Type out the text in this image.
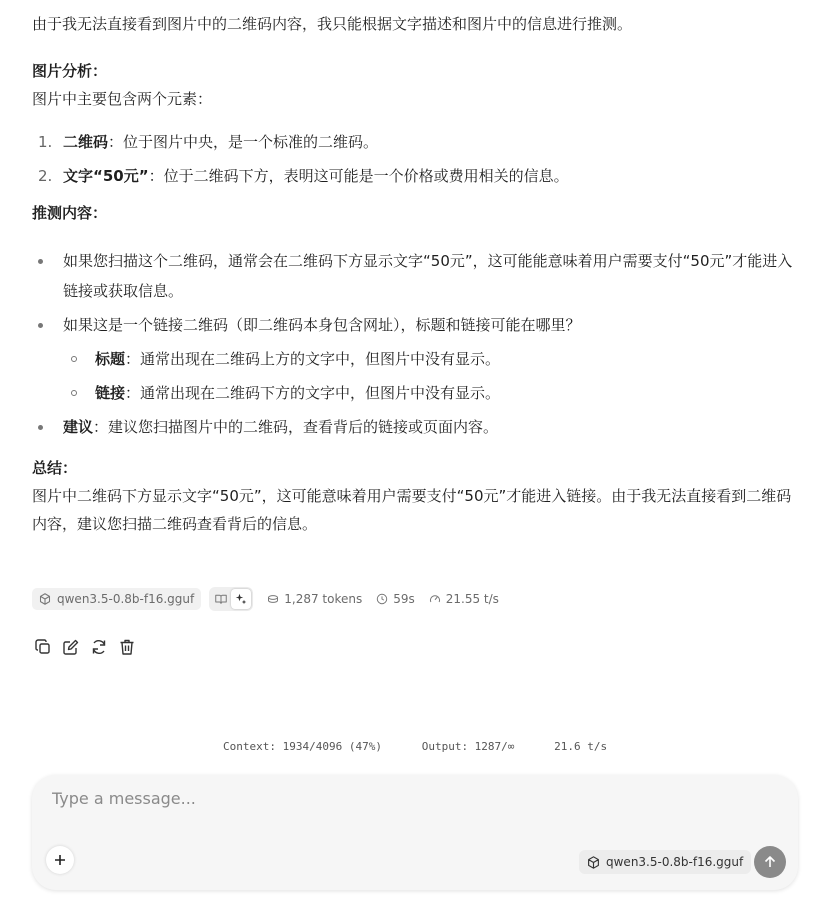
由于我无法直接看到图片中的二维码内容，我只能根据文字描述和图片中的信息进行推测。

图片分析：

图片中主要包含两个元素：

1. 二维码：位于图片中央，是一个标准的二维码。
2. 文字“50元”：位于二维码下方，表明这可能是一个价格或费用相关的信息。

推测内容：

如果您扫描这个二维码，通常会在二维码下方显示文字“50元”，这可能能意味着用户需要支付“50元”才能进入链接或获取信息。
如果这是一个链接二维码（即二维码本身包含网址），标题和链接可能在哪里？
标题：通常出现在二维码上方的文字中，但图片中没有显示。
链接：通常出现在二维码下方的文字中，但图片中没有显示。
建议：建议您扫描图片中的二维码，查看背后的链接或页面内容。

总结：

图片中二维码下方显示文字“50元”，这可能意味着用户需要支付“50元”才能进入链接。由于我无法直接看到二维码内容，建议您扫描二维码查看背后的信息。

qwen3.5-0.8b-f16.gguf	1,287 tokens	59s	21.55 t/s
Context: 1934/4096 (47%)	Output: 1287/∞	21.6 t/s
Type a message...
qwen3.5-0.8b-f16.gguf
